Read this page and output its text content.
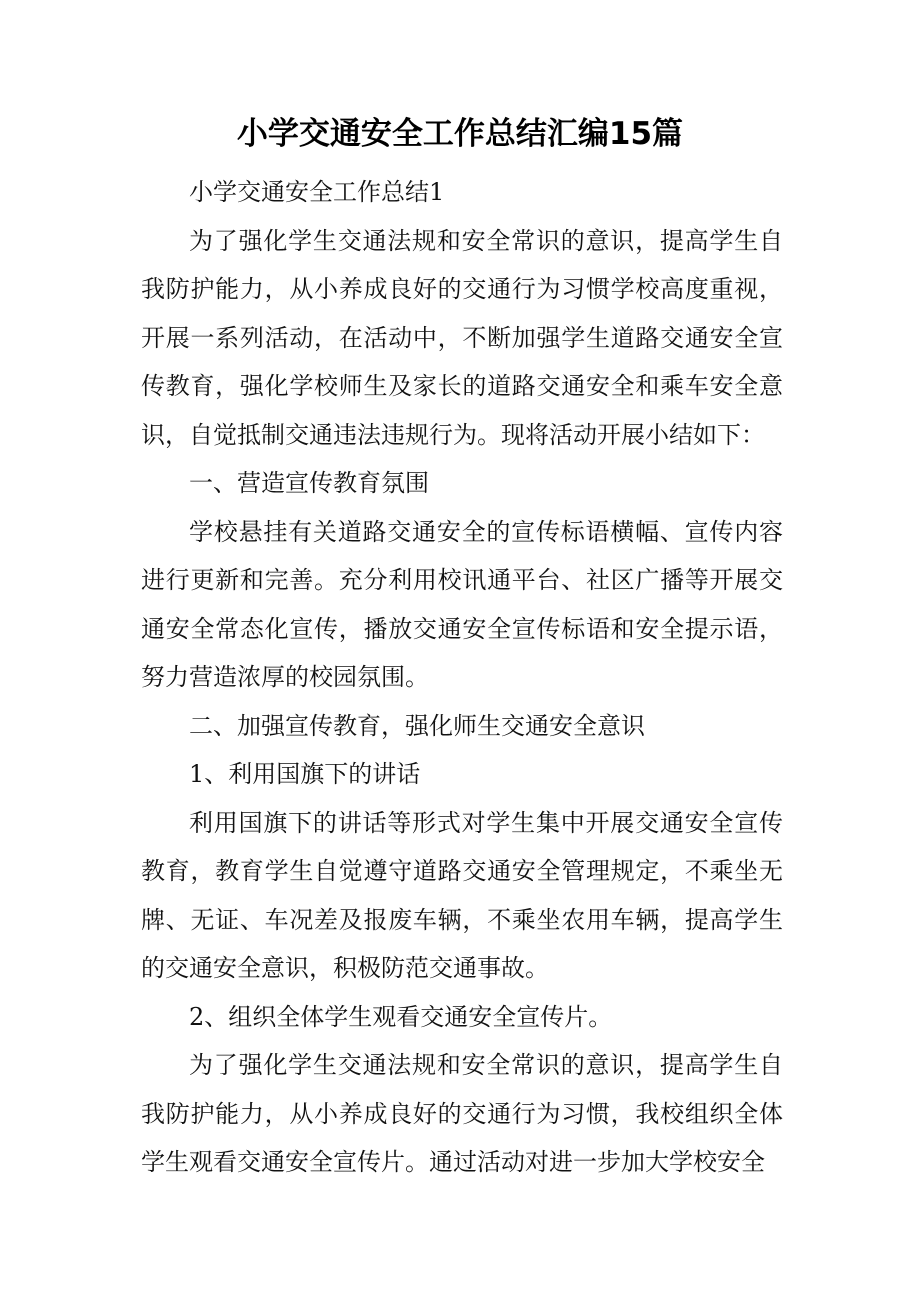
小学交通安全工作总结汇编15篇

小学交通安全工作总结1

为了强化学生交通法规和安全常识的意识，提高学生自我防护能力，从小养成良好的交通行为习惯学校高度重视，开展一系列活动，在活动中，不断加强学生道路交通安全宣传教育，强化学校师生及家长的道路交通安全和乘车安全意识，自觉抵制交通违法违规行为。现将活动开展小结如下：

一、营造宣传教育氛围

学校悬挂有关道路交通安全的宣传标语横幅、宣传内容进行更新和完善。充分利用校讯通平台、社区广播等开展交通安全常态化宣传，播放交通安全宣传标语和安全提示语，努力营造浓厚的校园氛围。

二、加强宣传教育，强化师生交通安全意识

1、利用国旗下的讲话

利用国旗下的讲话等形式对学生集中开展交通安全宣传教育，教育学生自觉遵守道路交通安全管理规定，不乘坐无牌、无证、车况差及报废车辆，不乘坐农用车辆，提高学生的交通安全意识，积极防范交通事故。

2、组织全体学生观看交通安全宣传片。

为了强化学生交通法规和安全常识的意识，提高学生自我防护能力，从小养成良好的交通行为习惯，我校组织全体学生观看交通安全宣传片。通过活动对进一步加大学校安全
